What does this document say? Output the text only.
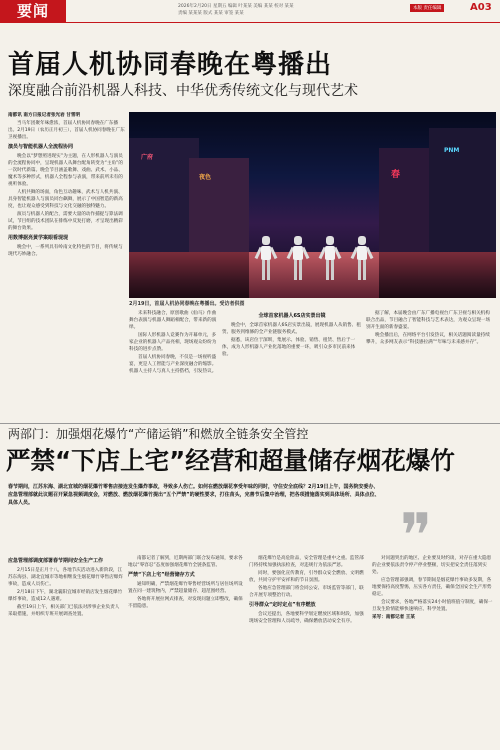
要闻	2026年2月20日 星期五 编辑 叶某某 美编 某某 校对 某某
责编 某某某 版式 某某 审签 某某
本版 责任编辑	A03
首届人机协同春晚在粤播出
深度融合前沿机器人科技、中华优秀传统文化与现代艺术

南都讯 南方日报记者张光岩 甘雪明

当马年团聚年味愈浓，首届人机协同春晚在广东播出。2月19日（农历正月初三），首届人机协同春晚在广东卫视播出。

演员与智能机器人全流程协同

晚会以“梦想照进现实”为主题，在人形机器人与演员的全流程协同中，呈现机器人从舞台配角转变为“主角”的一次时代新篇。晚会节目涵盖歌舞、戏曲、武术、小品、魔术等多种形式，机器人全程参与表演，带来前所未有的视听体验。

人机共舞的场面，角色互动趣味，武术与人机共演、具身智能机器人与演员同台飙舞，展示了中国智造的新高度，也让观众感受到科技与文化交融的独特魅力。

演员与机器人的配合，需要大量的动作捕捉与算法调试，节目组的技术团队在排练中反复打磨，才呈现出精彩的舞台效果。

用数博据亮黄学案眼看现现

晚会中，一系列具有岭南文化特色的节目，将传统与现代巧妙融合。

广府
夜色	春
PNM
2月19日，首届人机协同春晚在粤播出。受访者供图

未来科技融合，原创歌曲《仙马》作曲舞台表演与机器人舞蹈相配合，带来新的演绎。

国际人形机器人竞赛作为开幕单元，多家企业的机器人产品亮相，现场观众纷纷为科技的进步点赞。

首届人机协同春晚，不仅是一场视听盛宴，更是人工智能与产业深度融合的缩影。机器人主持人与真人主持搭档，引发热议。

全球首家机器人6S店实景出镜

晚会中，全球首家机器人6S店实景出镜，展现机器人从销售、租赁、服务到维修的全产业链服务模式。

据悉，该店位于深圳，集展示、体验、销售、租赁、售后于一体，成为人形机器人产业化落地的重要一环，吸引众多市民前来体验。

据了解，本届晚会由广东广播电视台广东卫视与相关机构联合出品，节目融合了智能科技与艺术表达，为观众呈现一场别开生面的新春盛宴。

晚会播出后，在网络平台引发热议，相关话题阅读量持续攀升，众多网友表示“科技感拉满”“年味与未来感并存”。

两部门：加强烟花爆竹“产储运销”和燃放全链条安全管控
严禁“下店上宅”经营和超量储存烟花爆竹
春节期间，江苏东海、湖北宜城的烟花爆竹零售店接连发生爆炸事故，导致多人伤亡。如何在燃放烟花享受年味的同时，守住安全底线？2月19日上午，国务院安委办、应急管理部就此议题召开紧急视频调度会，对燃放、燃放烟花爆竹提出“五个严禁”的硬性要求，打住苗头，完善节后集中治理，把各项措施落实到具体场所、具体点位、具体人员。	❞
应急管理部调度部署春节期间安全生产工作

2月15日是正月十八，各地节庆活动进入新阶段，江苏东海县、湖北宜城市等地相继发生烟花爆竹零售店爆炸事故，造成人员伤亡。

2月18日下午，湖北襄阳宜城市经销店发生烟花爆竹爆炸事故，造成12人遇难。

截至19日上午，相关部门已依法对涉事企业负责人采取措施，并组织专班开展调查处置。

南都记者了解到，近期两部门联合发布通知，要求各地以“零容忍”态度加强烟花爆竹全链条监管。

严禁“下店上宅”经营储存方式

通知明确，严禁烟花爆竹零售经营场所与居住场所设置在同一建筑物内，严禁超量储存、超范围经营。

各地将开展拉网式排查，对发现问题立即整改，确保不留隐患。

烟花爆竹是高危险品，安全管理是重中之重。监管部门将持续加强执法检查，对违规行为依法严惩。

同时，要强化宣传教育，引导群众安全燃放、文明燃放，共同守护平安祥和的节日氛围。

各地应急管理部门将会同公安、市场监管等部门，联合开展专项整治行动。

引导群众“定时定点”有序燃放

会议还提出，各地要科学划定燃放区域和时段，加强现场安全管理和人员疏导，确保燃放活动安全有序。

对问题突出的地区、企业要及时约谈，对存在重大隐患的企业要依法责令停产停业整顿，切实把安全责任落到实处。

应急管理部强调，春节期间是烟花爆竹事故多发期，各地要保持高度警惕，压实各方责任，确保全国安全生产形势稳定。

会议要求，各地严格落实24小时值班值守制度，确保一旦发生险情能够快速响应、科学处置。

采写：南都记者 王某
